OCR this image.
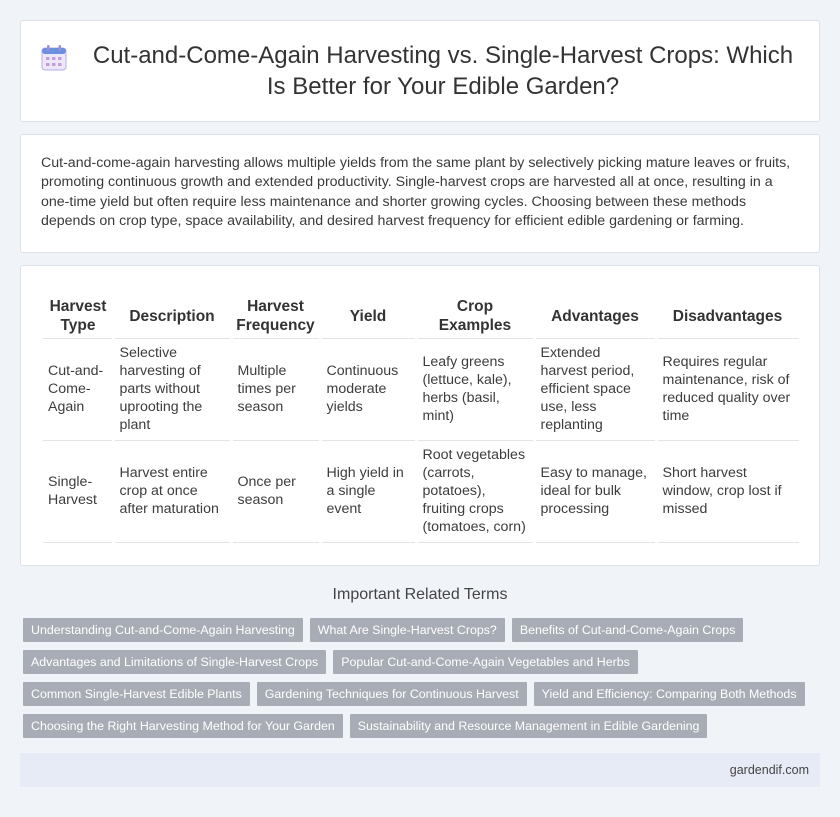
Cut-and-Come-Again Harvesting vs. Single-Harvest Crops: Which Is Better for Your Edible Garden?

Cut-and-come-again harvesting allows multiple yields from the same plant by selectively picking mature leaves or fruits, promoting continuous growth and extended productivity. Single-harvest crops are harvested all at once, resulting in a one-time yield but often require less maintenance and shorter growing cycles. Choosing between these methods depends on crop type, space availability, and desired harvest frequency for efficient edible gardening or farming.

Harvest Type	Description	Harvest Frequency	Yield	Crop Examples	Advantages	Disadvantages
Cut-and-Come-Again	Selective harvesting of parts without uprooting the plant	Multiple times per season	Continuous moderate yields	Leafy greens (lettuce, kale), herbs (basil, mint)	Extended harvest period, efficient space use, less replanting	Requires regular maintenance, risk of reduced quality over time
Single-Harvest	Harvest entire crop at once after maturation	Once per season	High yield in a single event	Root vegetables (carrots, potatoes), fruiting crops (tomatoes, corn)	Easy to manage, ideal for bulk processing	Short harvest window, crop lost if missed
Important Related Terms
Understanding Cut-and-Come-Again Harvesting	What Are Single-Harvest Crops?	Benefits of Cut-and-Come-Again Crops
Advantages and Limitations of Single-Harvest Crops	Popular Cut-and-Come-Again Vegetables and Herbs
Common Single-Harvest Edible Plants	Gardening Techniques for Continuous Harvest	Yield and Efficiency: Comparing Both Methods
Choosing the Right Harvesting Method for Your Garden	Sustainability and Resource Management in Edible Gardening
gardendif.com
